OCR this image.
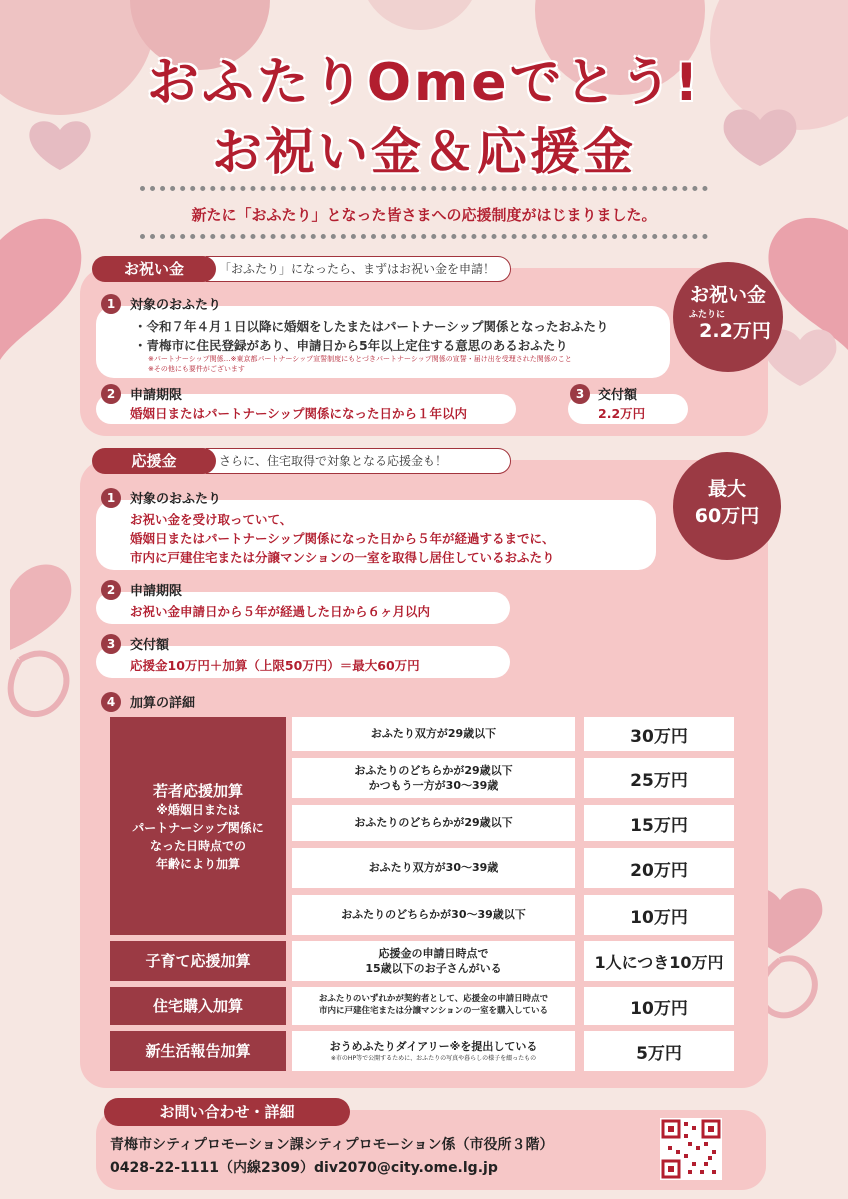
おふたりOmeでとう!
お祝い金＆応援金
新たに「おふたり」となった皆さまへの応援制度がはじまりました。
「おふたり」になったら、まずはお祝い金を申請！
お祝い金
お祝い金
ふたりに
2.2万円
1	対象のおふたり
・令和７年４月１日以降に婚姻をしたまたはパートナーシップ関係となったおふたり
・青梅市に住民登録があり、申請日から5年以上定住する意思のあるおふたり
※パートナーシップ関係…※東京都パートナーシップ宣誓制度にもとづきパートナーシップ関係の宣誓・届け出を受理された関係のこと
※その他にも要件がございます
2	申請期限
婚姻日またはパートナーシップ関係になった日から１年以内
3	交付額
2.2万円
さらに、住宅取得で対象となる応援金も！
応援金
最大
60万円
1	対象のおふたり
お祝い金を受け取っていて、
婚姻日またはパートナーシップ関係になった日から５年が経過するまでに、
市内に戸建住宅または分譲マンションの一室を取得し居住しているおふたり
2	申請期限
お祝い金申請日から５年が経過した日から６ヶ月以内
3	交付額
応援金10万円＋加算（上限50万円）＝最大60万円
4	加算の詳細
若者応援加算
※婚姻日または
パートナーシップ関係に
なった日時点での
年齢により加算
おふたり双方が29歳以下	30万円
おふたりのどちらかが29歳以下
かつもう一方が30～39歳	25万円
おふたりのどちらかが29歳以下	15万円
おふたり双方が30～39歳	20万円
おふたりのどちらかが30～39歳以下	10万円
子育て応援加算	応援金の申請日時点で
15歳以下のお子さんがいる	1人につき10万円
住宅購入加算	おふたりのいずれかが契約者として、応援金の申請日時点で
市内に戸建住宅または分譲マンションの一室を購入している	10万円
新生活報告加算	おうめふたりダイアリー※を提出している
※市のHP等で公開するために、おふたりの写真や暮らしの様子を綴ったもの	5万円
お問い合わせ・詳細
青梅市シティプロモーション課シティプロモーション係（市役所３階）
0428-22-1111（内線2309）div2070@city.ome.lg.jp
